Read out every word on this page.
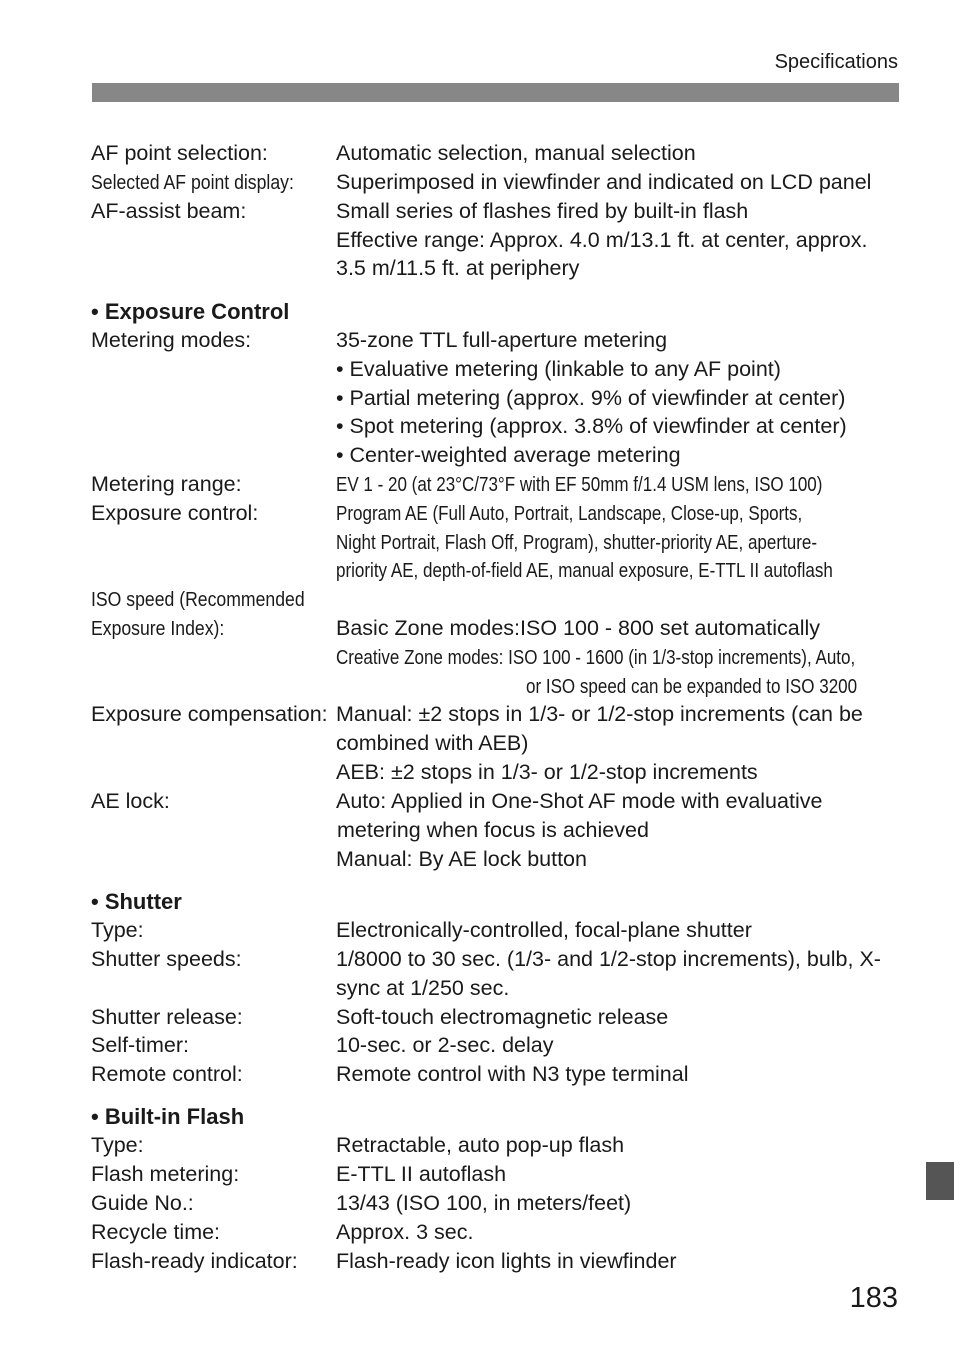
Specifications
AF point selection:	Automatic selection, manual selection
Selected AF point display: Superimposed in viewfinder and indicated on LCD panel
AF-assist beam:	Small series of flashes fired by built-in flash
Effective range: Approx. 4.0 m/13.1 ft. at center, approx.
3.5 m/11.5 ft. at periphery
• Exposure Control
Metering modes:	35-zone TTL full-aperture metering
• Evaluative metering (linkable to any AF point)
• Partial metering (approx. 9% of viewfinder at center)
• Spot metering (approx. 3.8% of viewfinder at center)
• Center-weighted average metering
Metering range:	EV 1 - 20 (at 23°C/73°F with EF 50mm f/1.4 USM lens, ISO 100)
Exposure control:	Program AE (Full Auto, Portrait, Landscape, Close-up, Sports,
Night Portrait, Flash Off, Program), shutter-priority AE, aperture-
priority AE, depth-of-field AE, manual exposure, E-TTL II autoflash
ISO speed (Recommended
Exposure Index):	Basic Zone modes:ISO 100 - 800 set automatically
Creative Zone modes: ISO 100 - 1600 (in 1/3-stop increments), Auto,
or ISO speed can be expanded to ISO 3200
Exposure compensation: Manual: ±2 stops in 1/3- or 1/2-stop increments (can be
combined with AEB)
AEB: ±2 stops in 1/3- or 1/2-stop increments
AE lock:	Auto: Applied in One-Shot AF mode with evaluative
metering when focus is achieved
Manual: By AE lock button
• Shutter
Type:	Electronically-controlled, focal-plane shutter
Shutter speeds:	1/8000 to 30 sec. (1/3- and 1/2-stop increments), bulb, X-
sync at 1/250 sec.
Shutter release:	Soft-touch electromagnetic release
Self-timer:	10-sec. or 2-sec. delay
Remote control:	Remote control with N3 type terminal
• Built-in Flash
Type:	Retractable, auto pop-up flash
Flash metering:	E-TTL II autoflash
Guide No.:	13/43 (ISO 100, in meters/feet)
Recycle time:	Approx. 3 sec.
Flash-ready indicator: Flash-ready icon lights in viewfinder
183
